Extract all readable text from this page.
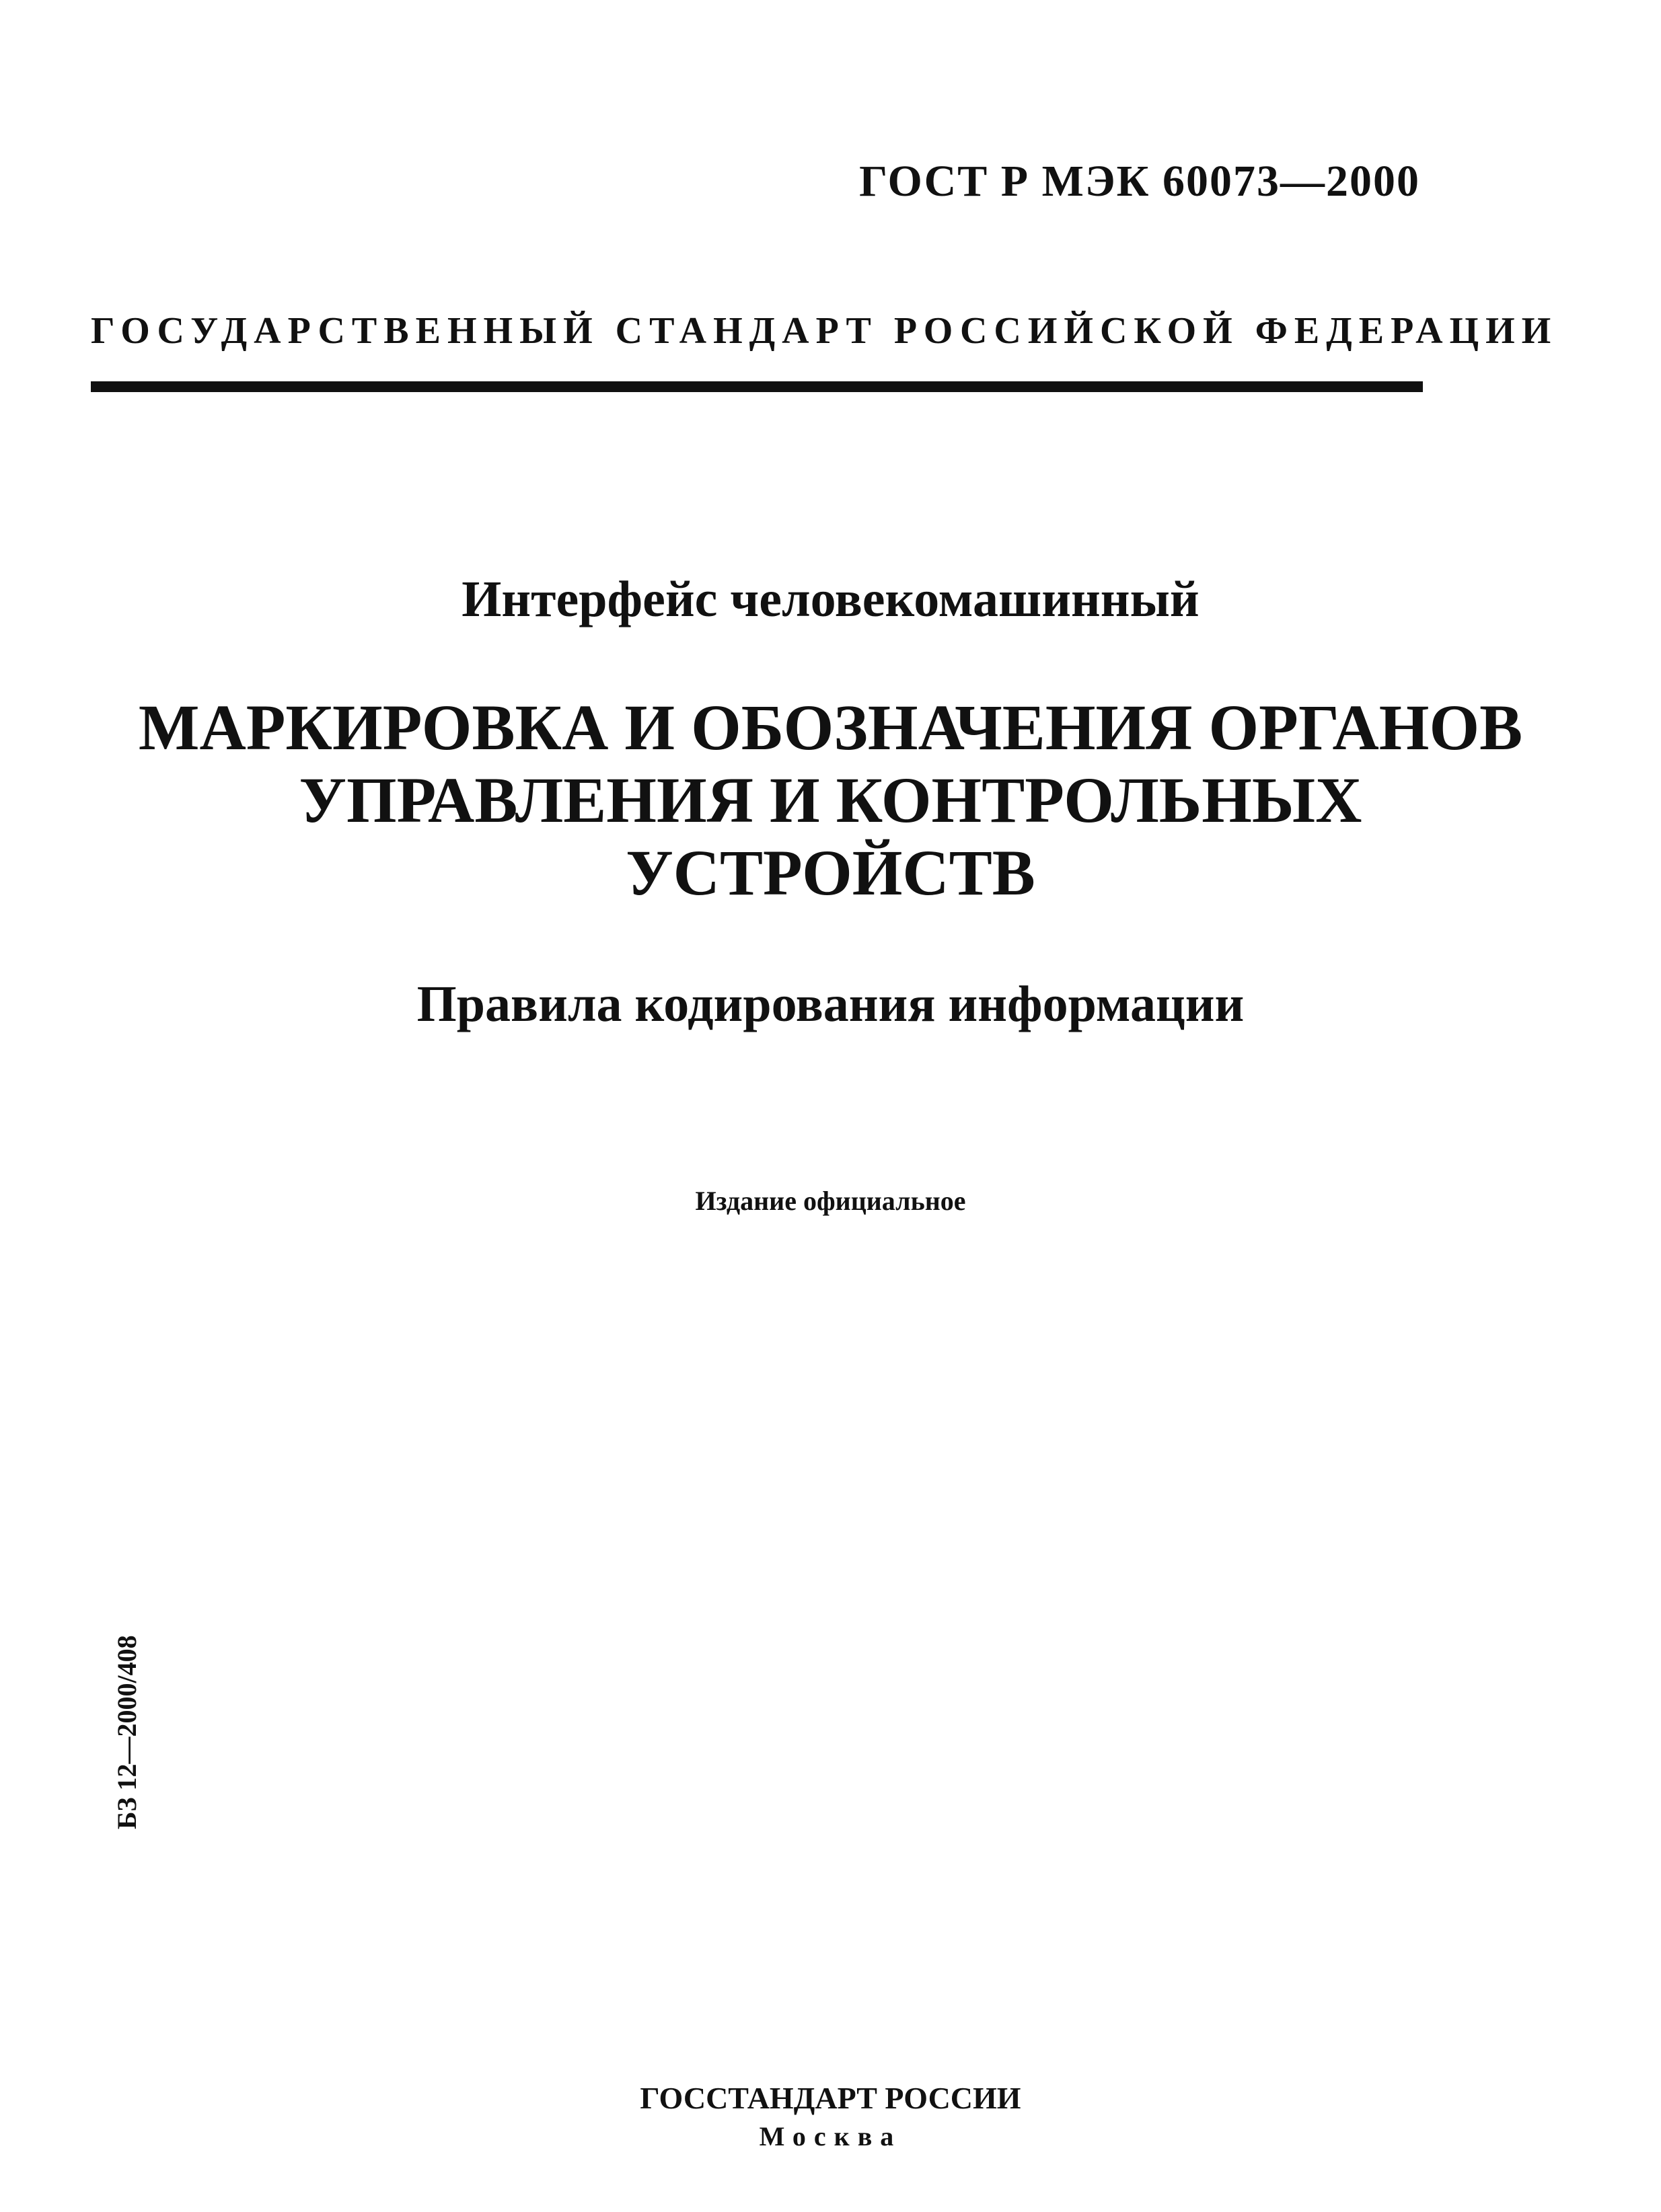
ГОСТ Р МЭК 60073—2000
ГОСУДАРСТВЕННЫЙ СТАНДАРТ РОССИЙСКОЙ ФЕДЕРАЦИИ
Интерфейс человекомашинный
МАРКИРОВКА И ОБОЗНАЧЕНИЯ ОРГАНОВ
УПРАВЛЕНИЯ И КОНТРОЛЬНЫХ
УСТРОЙСТВ
Правила кодирования информации
Издание официальное
БЗ 12—2000/408
ГОССТАНДАРТ РОССИИ
Москва
